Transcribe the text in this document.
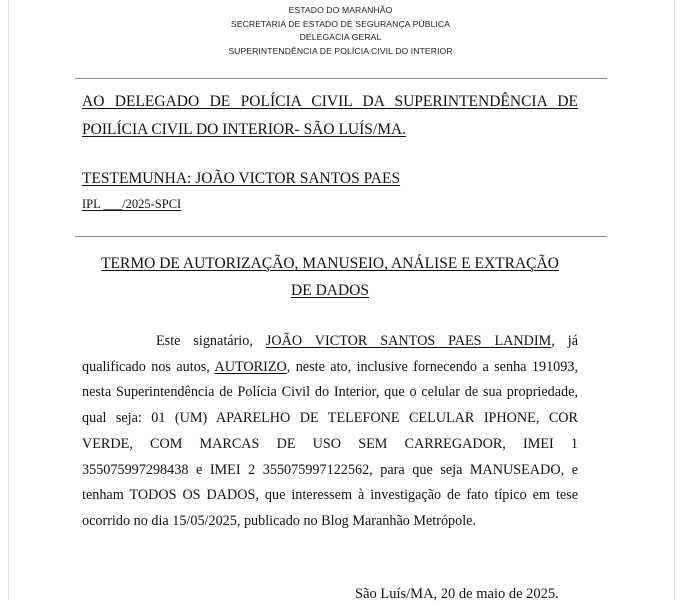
ESTADO DO MARANHÃO
SECRETARIA DE ESTADO DE SEGURANÇA PÚBLICA
DELEGACIA GERAL
SUPERINTENDÊNCIA DE POLÍCIA CIVIL DO INTERIOR
AO DELEGADO DE POLÍCIA CIVIL DA SUPERINTENDÊNCIA DE POILÍCIA CIVIL DO INTERIOR- SÃO LUÍS/MA.
TESTEMUNHA: JOÃO VICTOR SANTOS PAES
IPL ___/2025-SPCI
TERMO DE AUTORIZAÇÃO, MANUSEIO, ANÁLISE E EXTRAÇÃO
DE DADOS

Este signatário, JOÃO VICTOR SANTOS PAES LANDIM, já qualificado nos autos, AUTORIZO, neste ato, inclusive fornecendo a senha 191093, nesta Superintendência de Polícia Civil do Interior, que o celular de sua propriedade, qual seja: 01 (UM) APARELHO DE TELEFONE CELULAR IPHONE, COR VERDE, COM MARCAS DE USO SEM CARREGADOR, IMEI 1 355075997298438 e IMEI 2 355075997122562, para que seja MANUSEADO, e tenham TODOS OS DADOS, que interessem à investigação de fato típico em tese ocorrido no dia 15/05/2025, publicado no Blog Maranhão Metrópole.

São Luís/MA, 20 de maio de 2025.
